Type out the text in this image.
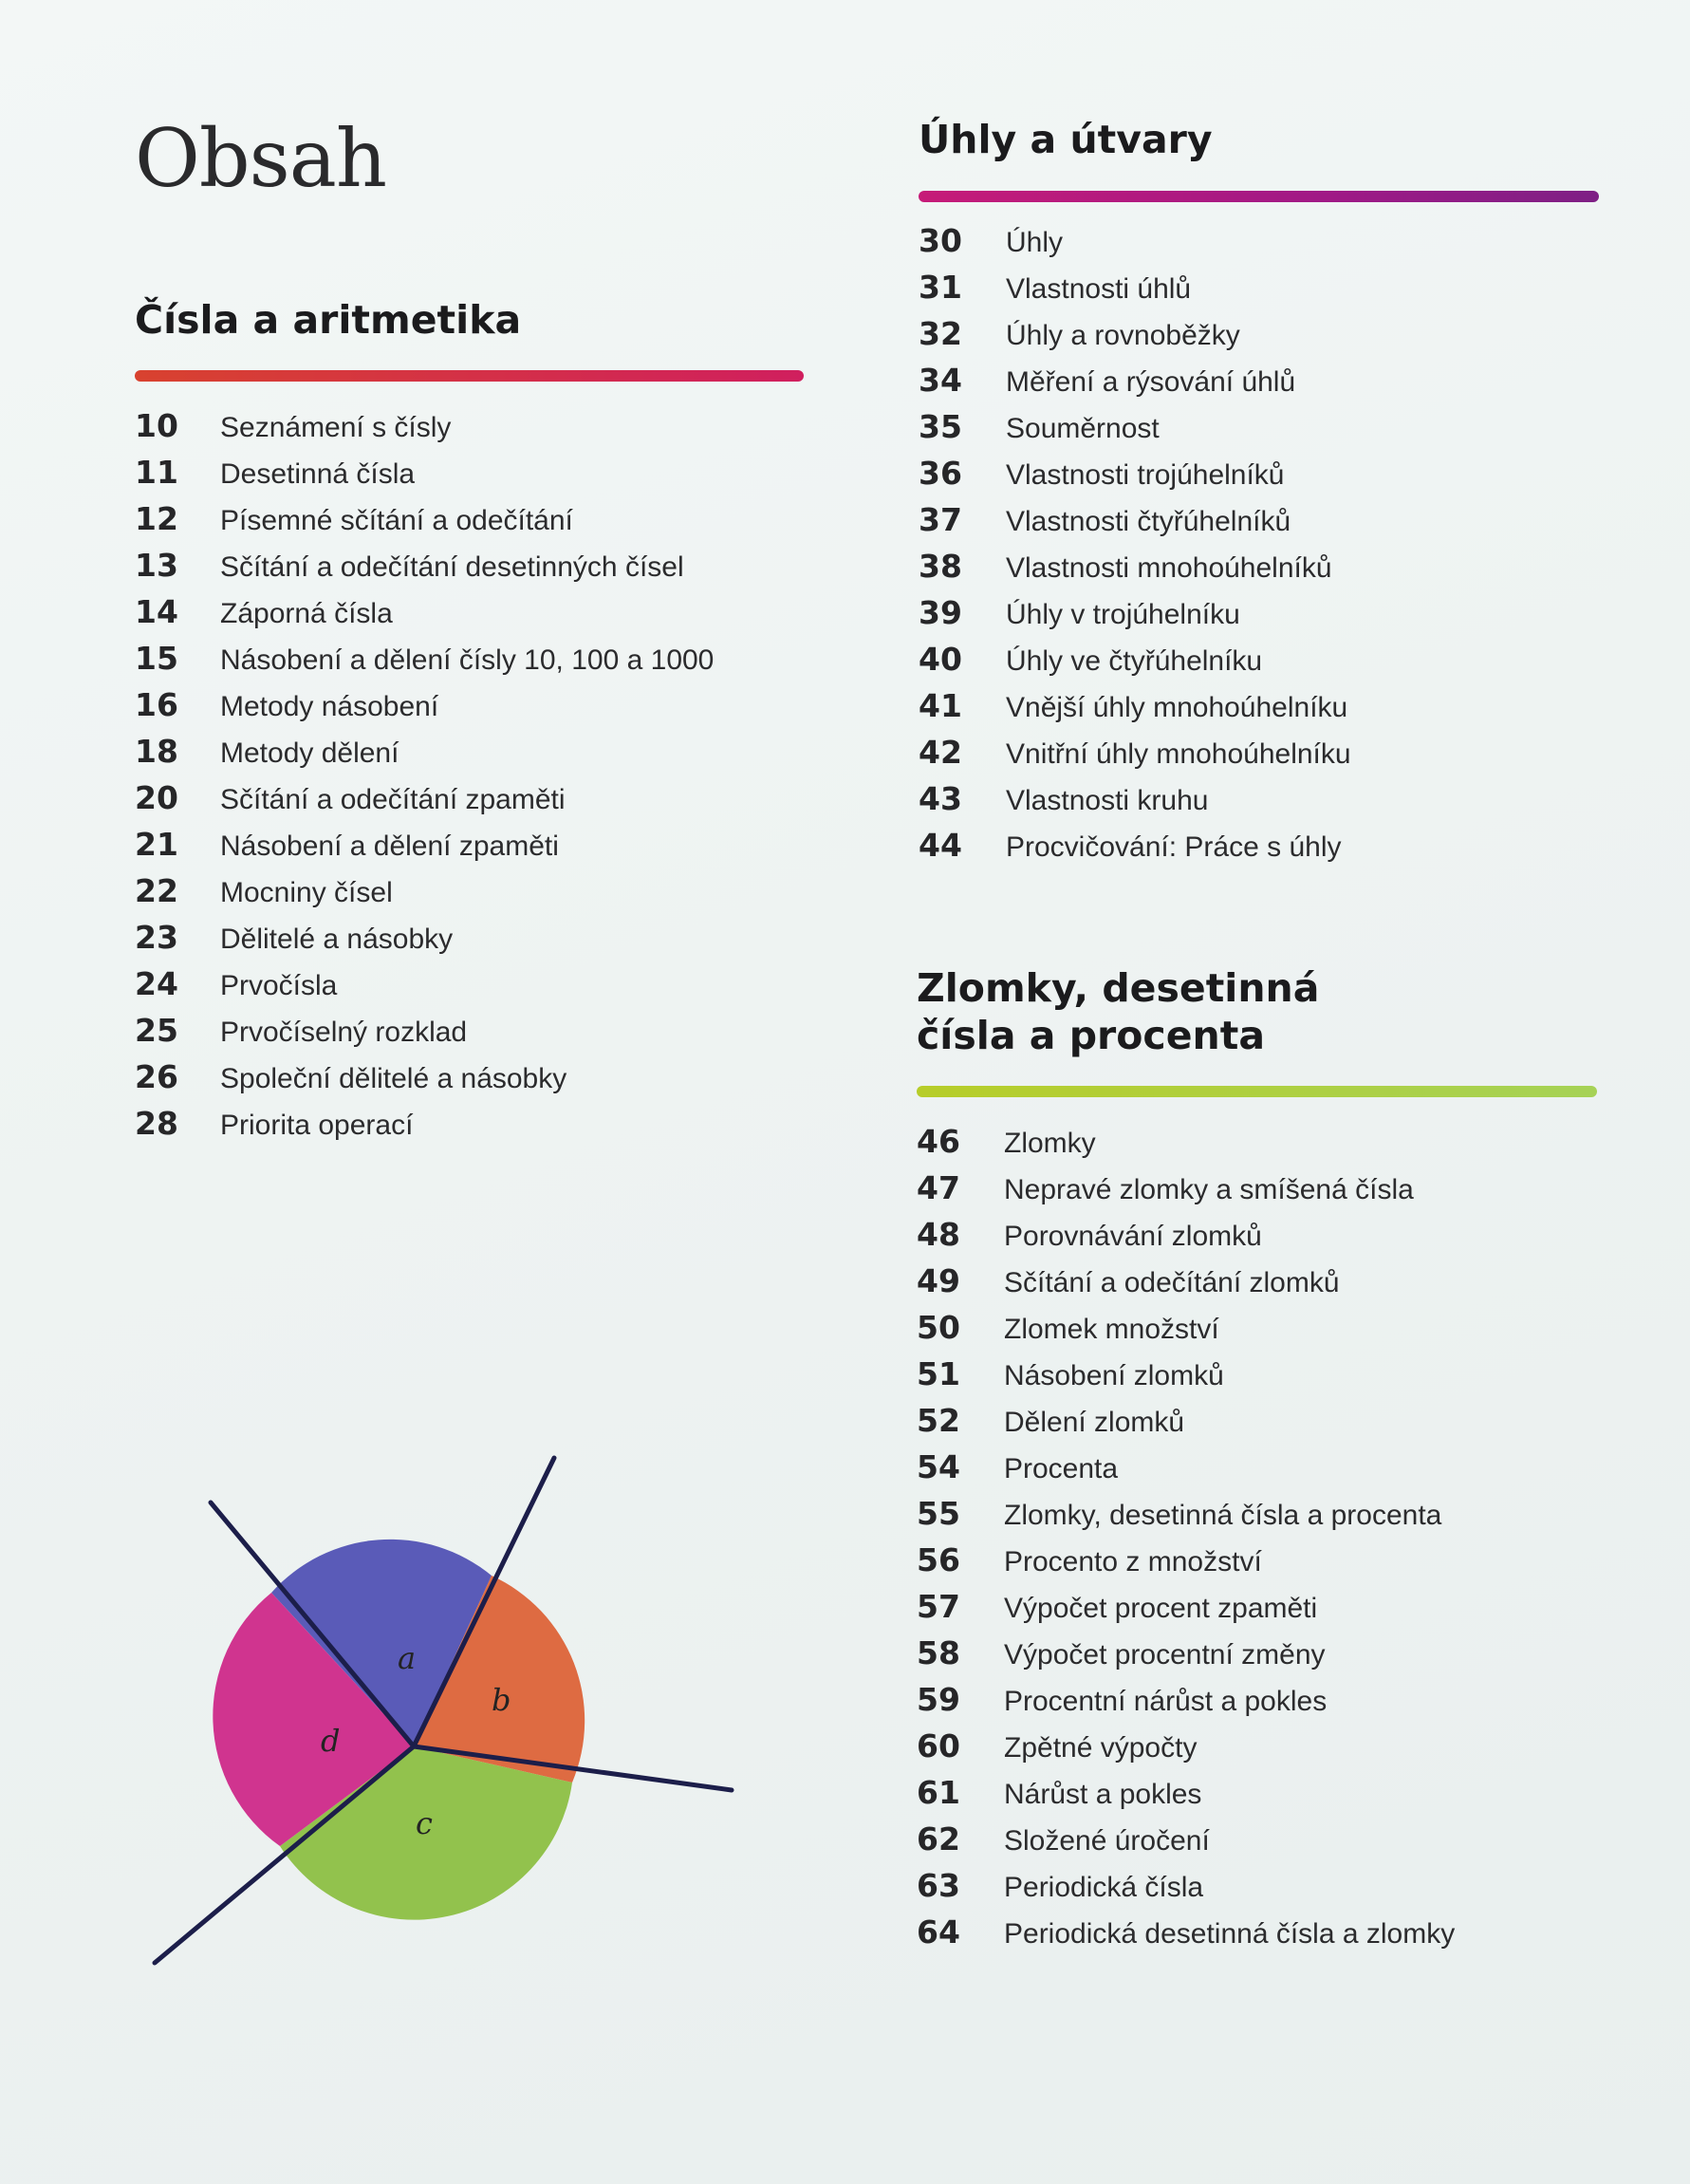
Obsah
Čísla a aritmetika
10	Seznámení s čísly
11	Desetinná čísla
12	Písemné sčítání a odečítání
13	Sčítání a odečítání desetinných čísel
14	Záporná čísla
15	Násobení a dělení čísly 10, 100 a 1000
16	Metody násobení
18	Metody dělení
20	Sčítání a odečítání zpaměti
21	Násobení a dělení zpaměti
22	Mocniny čísel
23	Dělitelé a násobky
24	Prvočísla
25	Prvočíselný rozklad
26	Společní dělitelé a násobky
28	Priorita operací
Úhly a útvary
30	Úhly
31	Vlastnosti úhlů
32	Úhly a rovnoběžky
34	Měření a rýsování úhlů
35	Souměrnost
36	Vlastnosti trojúhelníků
37	Vlastnosti čtyřúhelníků
38	Vlastnosti mnohoúhelníků
39	Úhly v trojúhelníku
40	Úhly ve čtyřúhelníku
41	Vnější úhly mnohoúhelníku
42	Vnitřní úhly mnohoúhelníku
43	Vlastnosti kruhu
44	Procvičování: Práce s úhly
Zlomky, desetinná
čísla a procenta
46	Zlomky
47	Nepravé zlomky a smíšená čísla
48	Porovnávání zlomků
49	Sčítání a odečítání zlomků
50	Zlomek množství
51	Násobení zlomků
52	Dělení zlomků
54	Procenta
55	Zlomky, desetinná čísla a procenta
56	Procento z množství
57	Výpočet procent zpaměti
58	Výpočet procentní změny
59	Procentní nárůst a pokles
60	Zpětné výpočty
61	Nárůst a pokles
62	Složené úročení
63	Periodická čísla
64	Periodická desetinná čísla a zlomky
a
b
c
d
